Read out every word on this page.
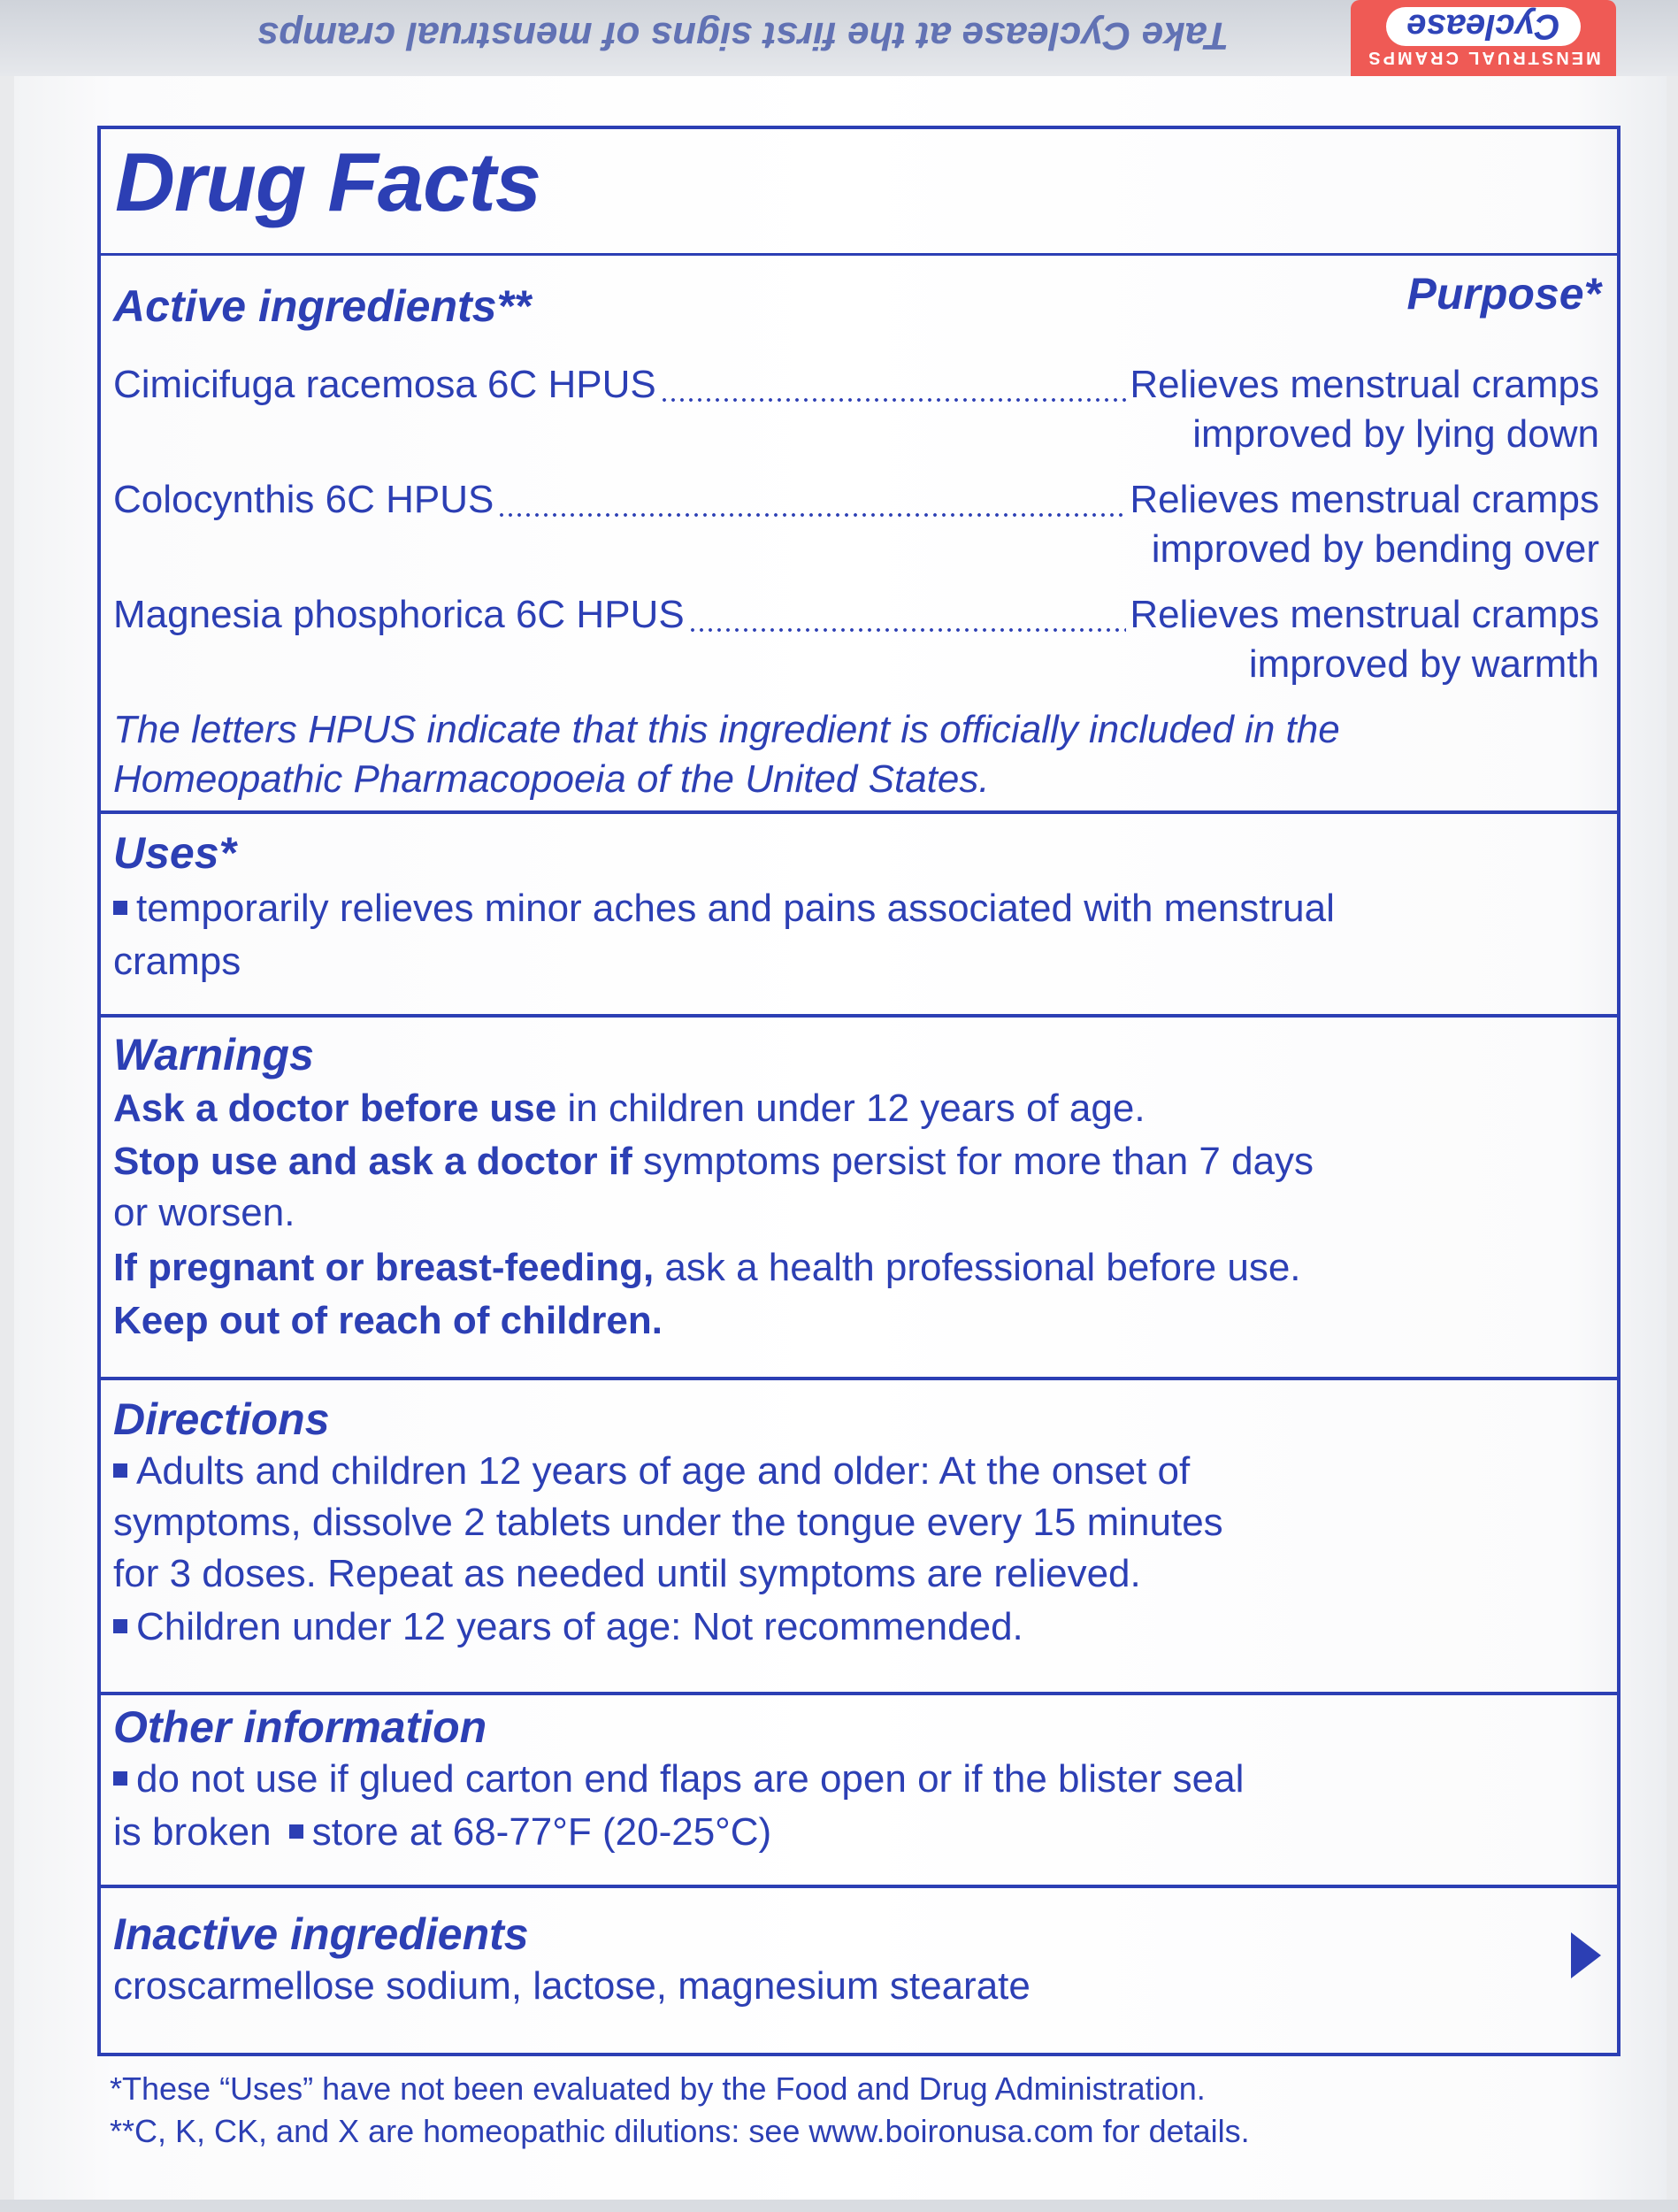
Take Cyclease at the first signs of menstrual cramps	MENSTRUAL CRAMPS
Cyclease
Drug Facts
Active ingredients**	Purpose*
Cimicifuga racemosa 6C HPUS	Relieves menstrual cramps
improved by lying down
Colocynthis 6C HPUS	Relieves menstrual cramps
improved by bending over
Magnesia phosphorica 6C HPUS	Relieves menstrual cramps
improved by warmth
The letters HPUS indicate that this ingredient is officially included in the
Homeopathic Pharmacopoeia of the United States.
Uses*
temporarily relieves minor aches and pains associated with menstrual
cramps
Warnings
Ask a doctor before use in children under 12 years of age.
Stop use and ask a doctor if symptoms persist for more than 7 days
or worsen.
If pregnant or breast-feeding, ask a health professional before use.
Keep out of reach of children.
Directions
Adults and children 12 years of age and older: At the onset of
symptoms, dissolve 2 tablets under the tongue every 15 minutes
for 3 doses. Repeat as needed until symptoms are relieved.
Children under 12 years of age: Not recommended.
Other information
do not use if glued carton end flaps are open or if the blister seal
is broken store at 68-77°F (20-25°C)
Inactive ingredients
croscarmellose sodium, lactose, magnesium stearate
*These “Uses” have not been evaluated by the Food and Drug Administration.
**C, K, CK, and X are homeopathic dilutions: see www.boironusa.com for details.
